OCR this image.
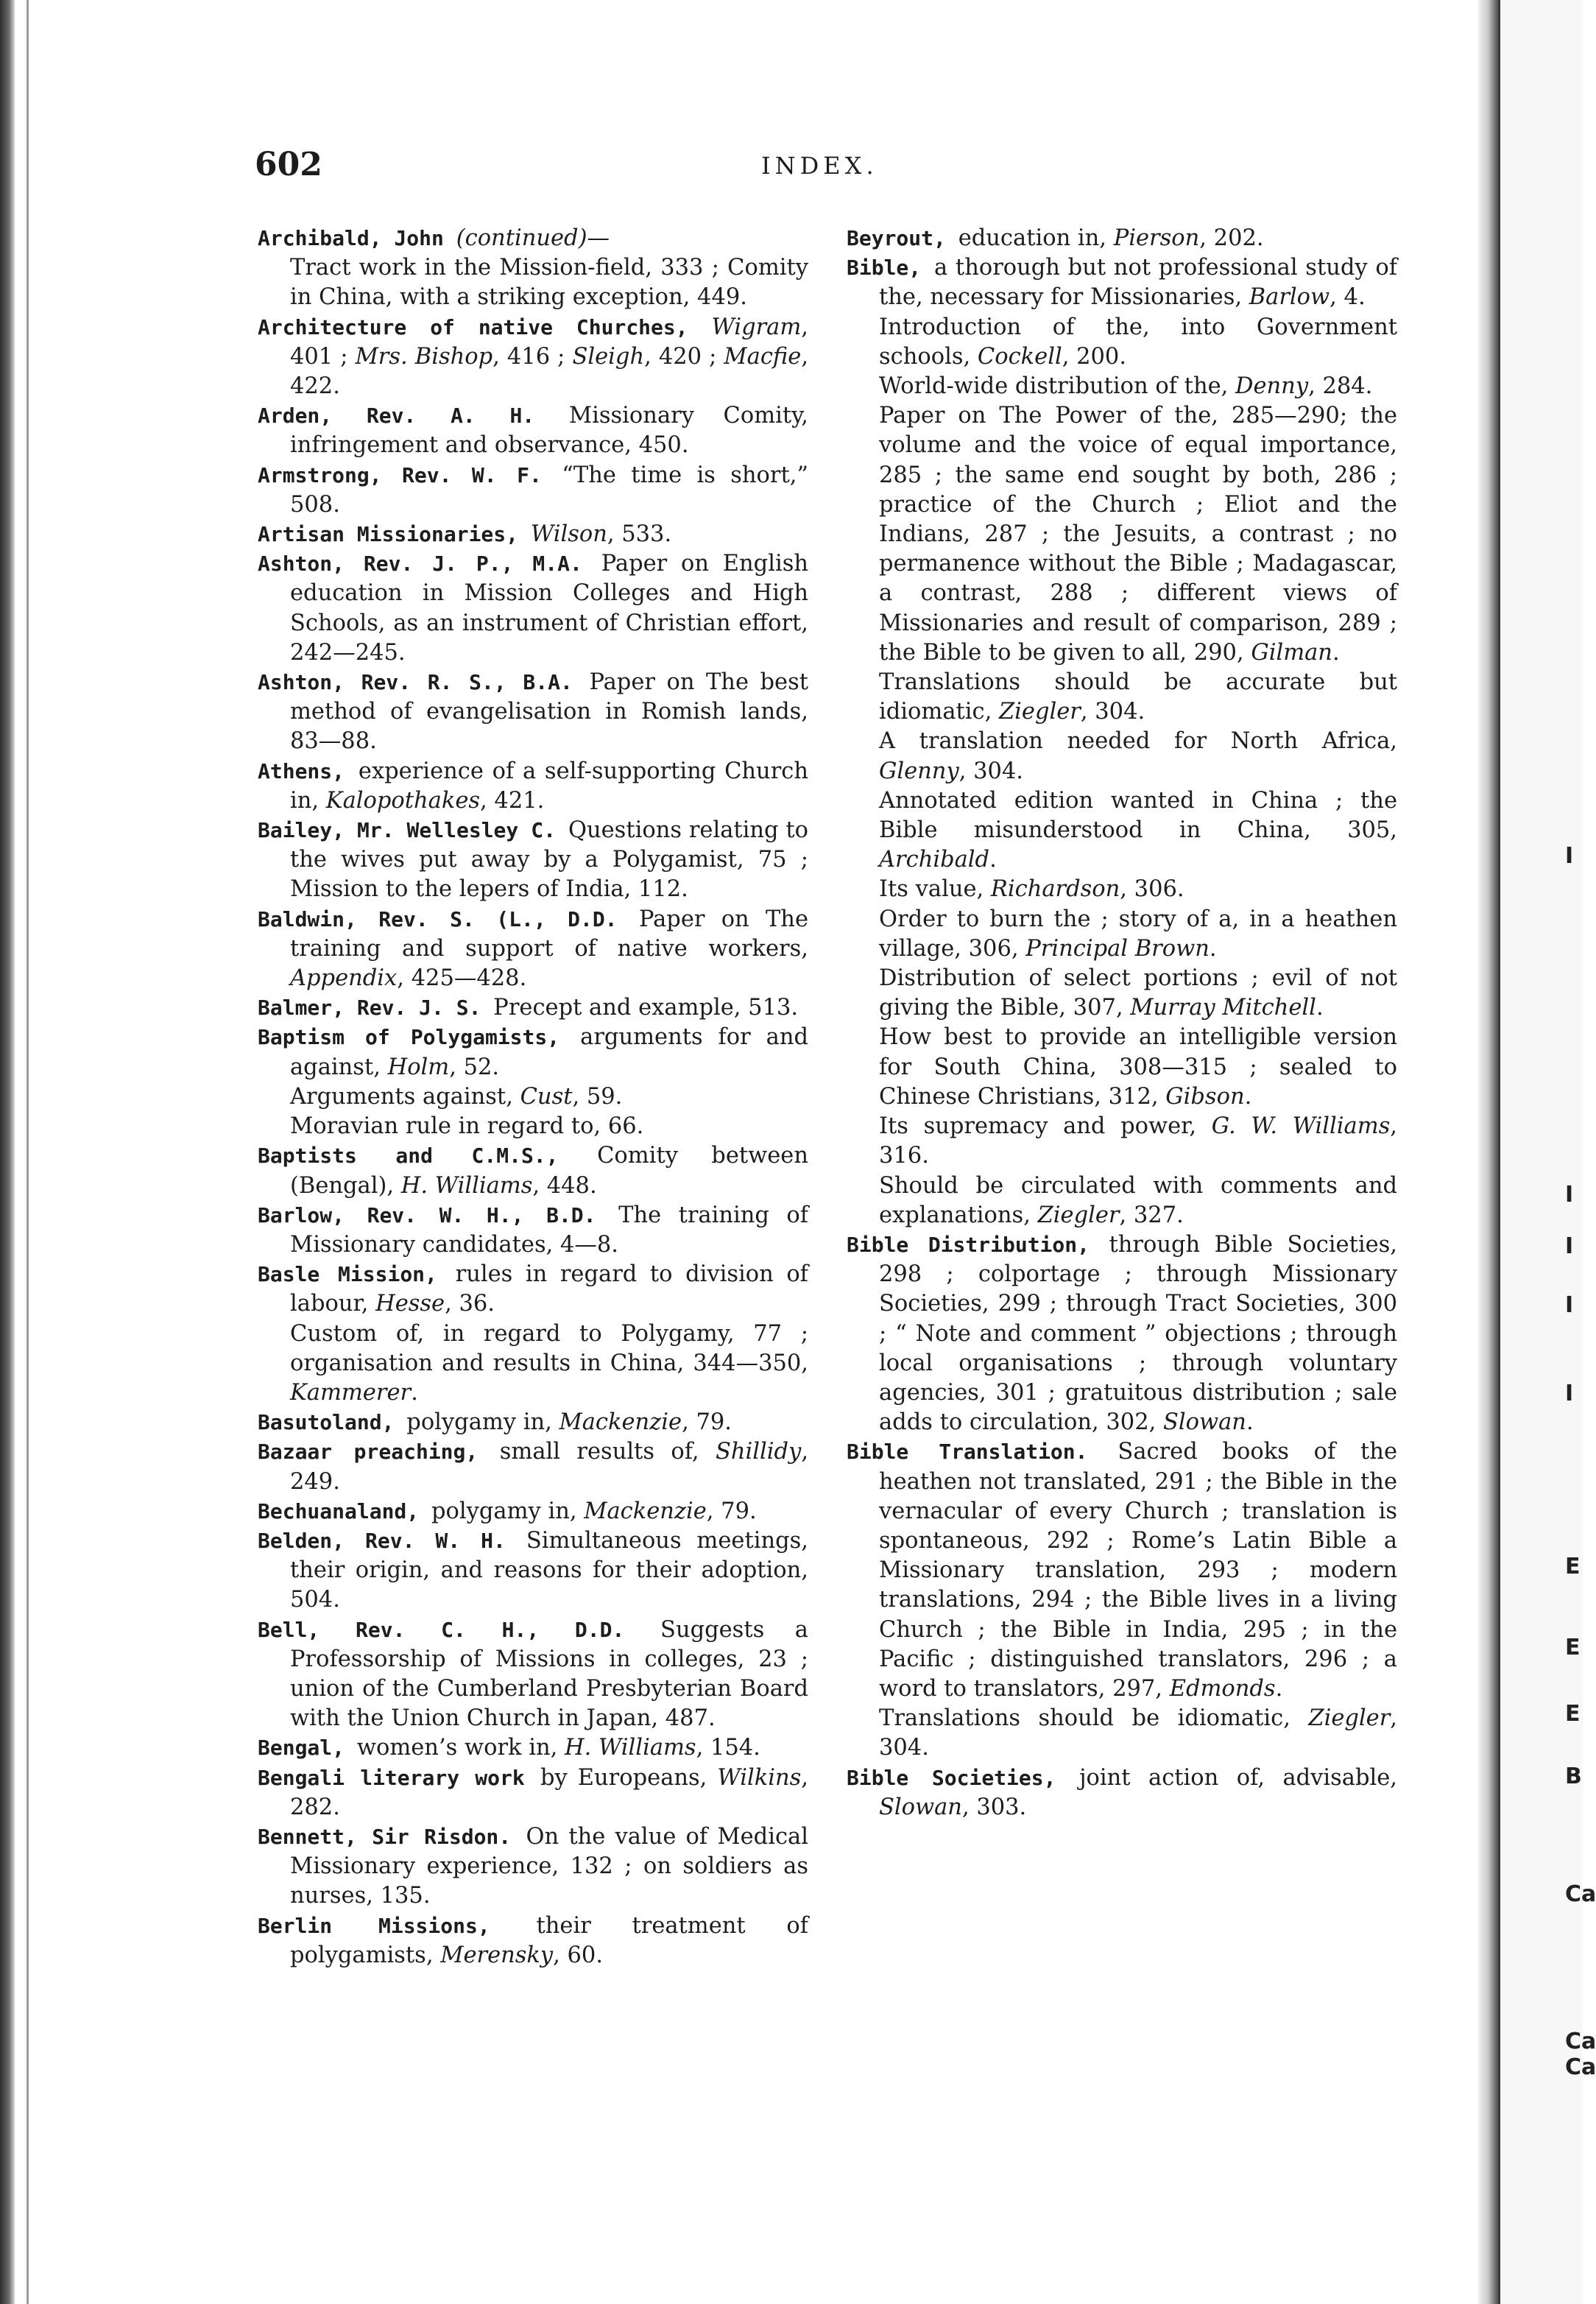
I
I
I
I
I
E
E
E
B
Ca
Ca
Ca
602	INDEX.
Archibald, John (continued)—
Tract work in the Mission-field, 333 ; Comity in China, with a striking exception, 449.
Architecture of native Churches, Wigram, 401 ; Mrs. Bishop, 416 ; Sleigh, 420 ; Macfie, 422.
Arden, Rev. A. H. Missionary Comity, infringement and observance, 450.
Armstrong, Rev. W. F. “The time is short,” 508.
Artisan Missionaries, Wilson, 533.
Ashton, Rev. J. P., M.A. Paper on English education in Mission Colleges and High Schools, as an instrument of Christian effort, 242—245.
Ashton, Rev. R. S., B.A. Paper on The best method of evangelisation in Romish lands, 83—88.
Athens, experience of a self-supporting Church in, Kalopothakes, 421.
Bailey, Mr. Wellesley C. Questions relating to the wives put away by a Polygamist, 75 ; Mission to the lepers of India, 112.
Baldwin, Rev. S. (L., D.D. Paper on The training and support of native workers, Appendix, 425—428.
Balmer, Rev. J. S. Precept and example, 513.
Baptism of Polygamists, arguments for and against, Holm, 52.
Arguments against, Cust, 59.
Moravian rule in regard to, 66.
Baptists and C.M.S., Comity between (Bengal), H. Williams, 448.
Barlow, Rev. W. H., B.D. The training of Missionary candidates, 4—8.
Basle Mission, rules in regard to division of labour, Hesse, 36.
Custom of, in regard to Polygamy, 77 ; organisation and results in China, 344—350, Kammerer.
Basutoland, polygamy in, Mackenzie, 79.
Bazaar preaching, small results of, Shillidy, 249.
Bechuanaland, polygamy in, Mackenzie, 79.
Belden, Rev. W. H. Simultaneous meetings, their origin, and reasons for their adoption, 504.
Bell, Rev. C. H., D.D. Suggests a Professorship of Missions in colleges, 23 ; union of the Cumberland Presbyterian Board with the Union Church in Japan, 487.
Bengal, women’s work in, H. Williams, 154.
Bengali literary work by Europeans, Wilkins, 282.
Bennett, Sir Risdon. On the value of Medical Missionary experience, 132 ; on soldiers as nurses, 135.
Berlin Missions, their treatment of polygamists, Merensky, 60.
Beyrout, education in, Pierson, 202.
Bible, a thorough but not professional study of the, necessary for Missionaries, Barlow, 4.
Introduction of the, into Government schools, Cockell, 200.
World-wide distribution of the, Denny, 284.
Paper on The Power of the, 285—290; the volume and the voice of equal importance, 285 ; the same end sought by both, 286 ; practice of the Church ; Eliot and the Indians, 287 ; the Jesuits, a contrast ; no permanence without the Bible ; Madagascar, a contrast, 288 ; different views of Missionaries and result of comparison, 289 ; the Bible to be given to all, 290, Gilman.
Translations should be accurate but idiomatic, Ziegler, 304.
A translation needed for North Africa, Glenny, 304.
Annotated edition wanted in China ; the Bible misunderstood in China, 305, Archibald.
Its value, Richardson, 306.
Order to burn the ; story of a, in a heathen village, 306, Principal Brown.
Distribution of select portions ; evil of not giving the Bible, 307, Murray Mitchell.
How best to provide an intelligible version for South China, 308—315 ; sealed to Chinese Christians, 312, Gibson.
Its supremacy and power, G. W. Williams, 316.
Should be circulated with comments and explanations, Ziegler, 327.
Bible Distribution, through Bible Societies, 298 ; colportage ; through Missionary Societies, 299 ; through Tract Societies, 300 ; “ Note and comment ” objections ; through local organisations ; through voluntary agencies, 301 ; gratuitous distribution ; sale adds to circulation, 302, Slowan.
Bible Translation. Sacred books of the heathen not translated, 291 ; the Bible in the vernacular of every Church ; translation is spontaneous, 292 ; Rome’s Latin Bible a Missionary translation, 293 ; modern translations, 294 ; the Bible lives in a living Church ; the Bible in India, 295 ; in the Pacific ; distinguished translators, 296 ; a word to translators, 297, Edmonds.
Translations should be idiomatic, Ziegler, 304.
Bible Societies, joint action of, advisable, Slowan, 303.
